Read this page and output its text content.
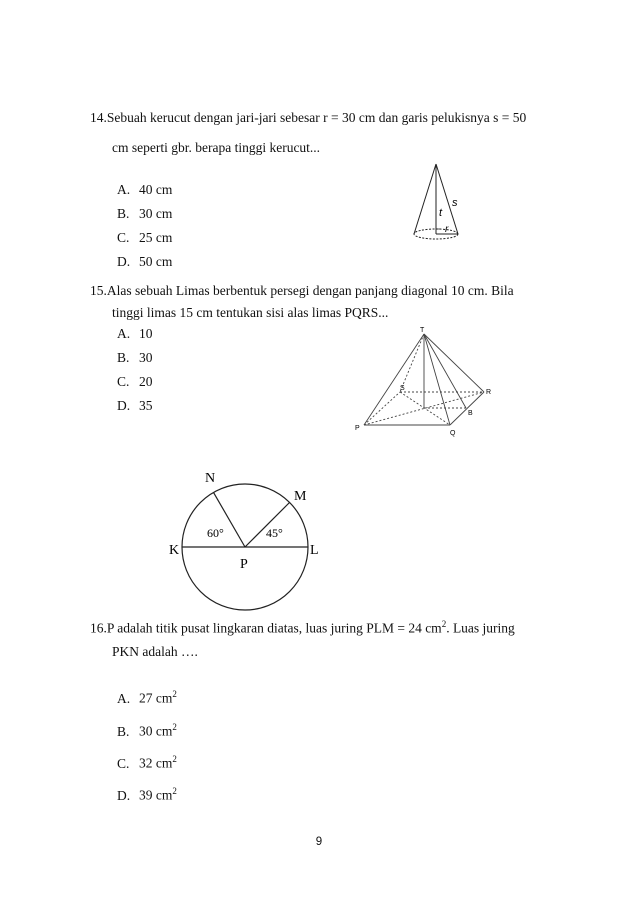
14.Sebuah kerucut dengan jari-jari sebesar r = 30 cm dan garis pelukisnya s = 50
cm seperti gbr. berapa tinggi kerucut...
A. 40 cm
B. 30 cm
C. 25 cm
D. 50 cm
t
s
r
15.Alas sebuah Limas berbentuk persegi dengan panjang diagonal 10 cm. Bila
tinggi limas 15 cm tentukan sisi alas limas PQRS...
A. 10
B. 30
C. 20
D. 35
T
S
R
P
Q
B
N
M
K	L
P
60°	45°
16.P adalah titik pusat lingkaran diatas, luas juring PLM = 24 $cm^2$. Luas juring
PKN adalah ….
A. 27 $cm^2$
B. 30 $cm^2$
C. 32 $cm^2$
D. 39 $cm^2$
9
